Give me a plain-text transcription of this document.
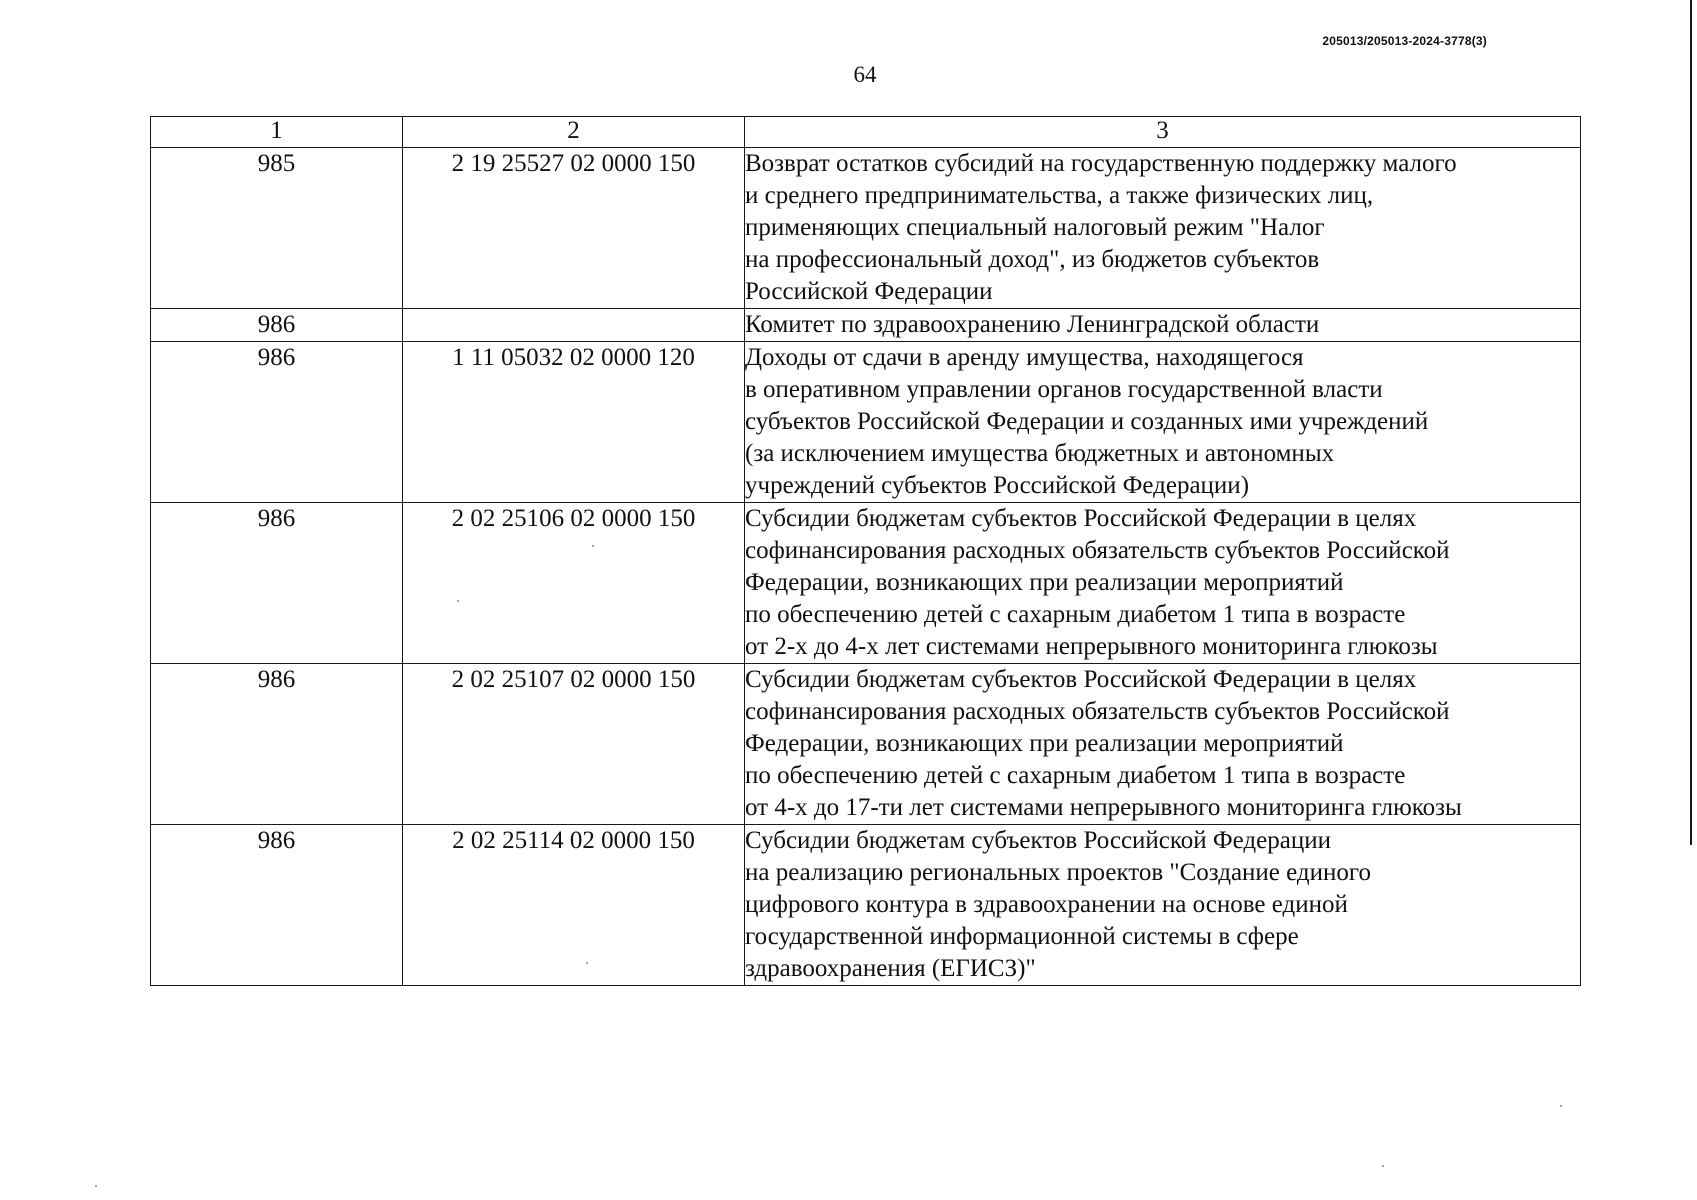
205013/205013-2024-3778(3)
64
1	2	3
985	2 19 25527 02 0000 150	Возврат остатков субсидий на государственную поддержку малого
и среднего предпринимательства, а также физических лиц,
применяющих специальный налоговый режим "Налог
на профессиональный доход", из бюджетов субъектов
Российской Федерации

986		Комитет по здравоохранению Ленинградской области

986	1 11 05032 02 0000 120	Доходы от сдачи в аренду имущества, находящегося
в оперативном управлении органов государственной власти
субъектов Российской Федерации и созданных ими учреждений
(за исключением имущества бюджетных и автономных
учреждений субъектов Российской Федерации)

986	2 02 25106 02 0000 150	Субсидии бюджетам субъектов Российской Федерации в целях
софинансирования расходных обязательств субъектов Российской
Федерации, возникающих при реализации мероприятий
по обеспечению детей с сахарным диабетом 1 типа в возрасте
от 2-х до 4-х лет системами непрерывного мониторинга глюкозы

986	2 02 25107 02 0000 150	Субсидии бюджетам субъектов Российской Федерации в целях
софинансирования расходных обязательств субъектов Российской
Федерации, возникающих при реализации мероприятий
по обеспечению детей с сахарным диабетом 1 типа в возрасте
от 4-х до 17-ти лет системами непрерывного мониторинга глюкозы

986	2 02 25114 02 0000 150	Субсидии бюджетам субъектов Российской Федерации
на реализацию региональных проектов "Создание единого
цифрового контура в здравоохранении на основе единой
государственной информационной системы в сфере
здравоохранения (ЕГИСЗ)"
